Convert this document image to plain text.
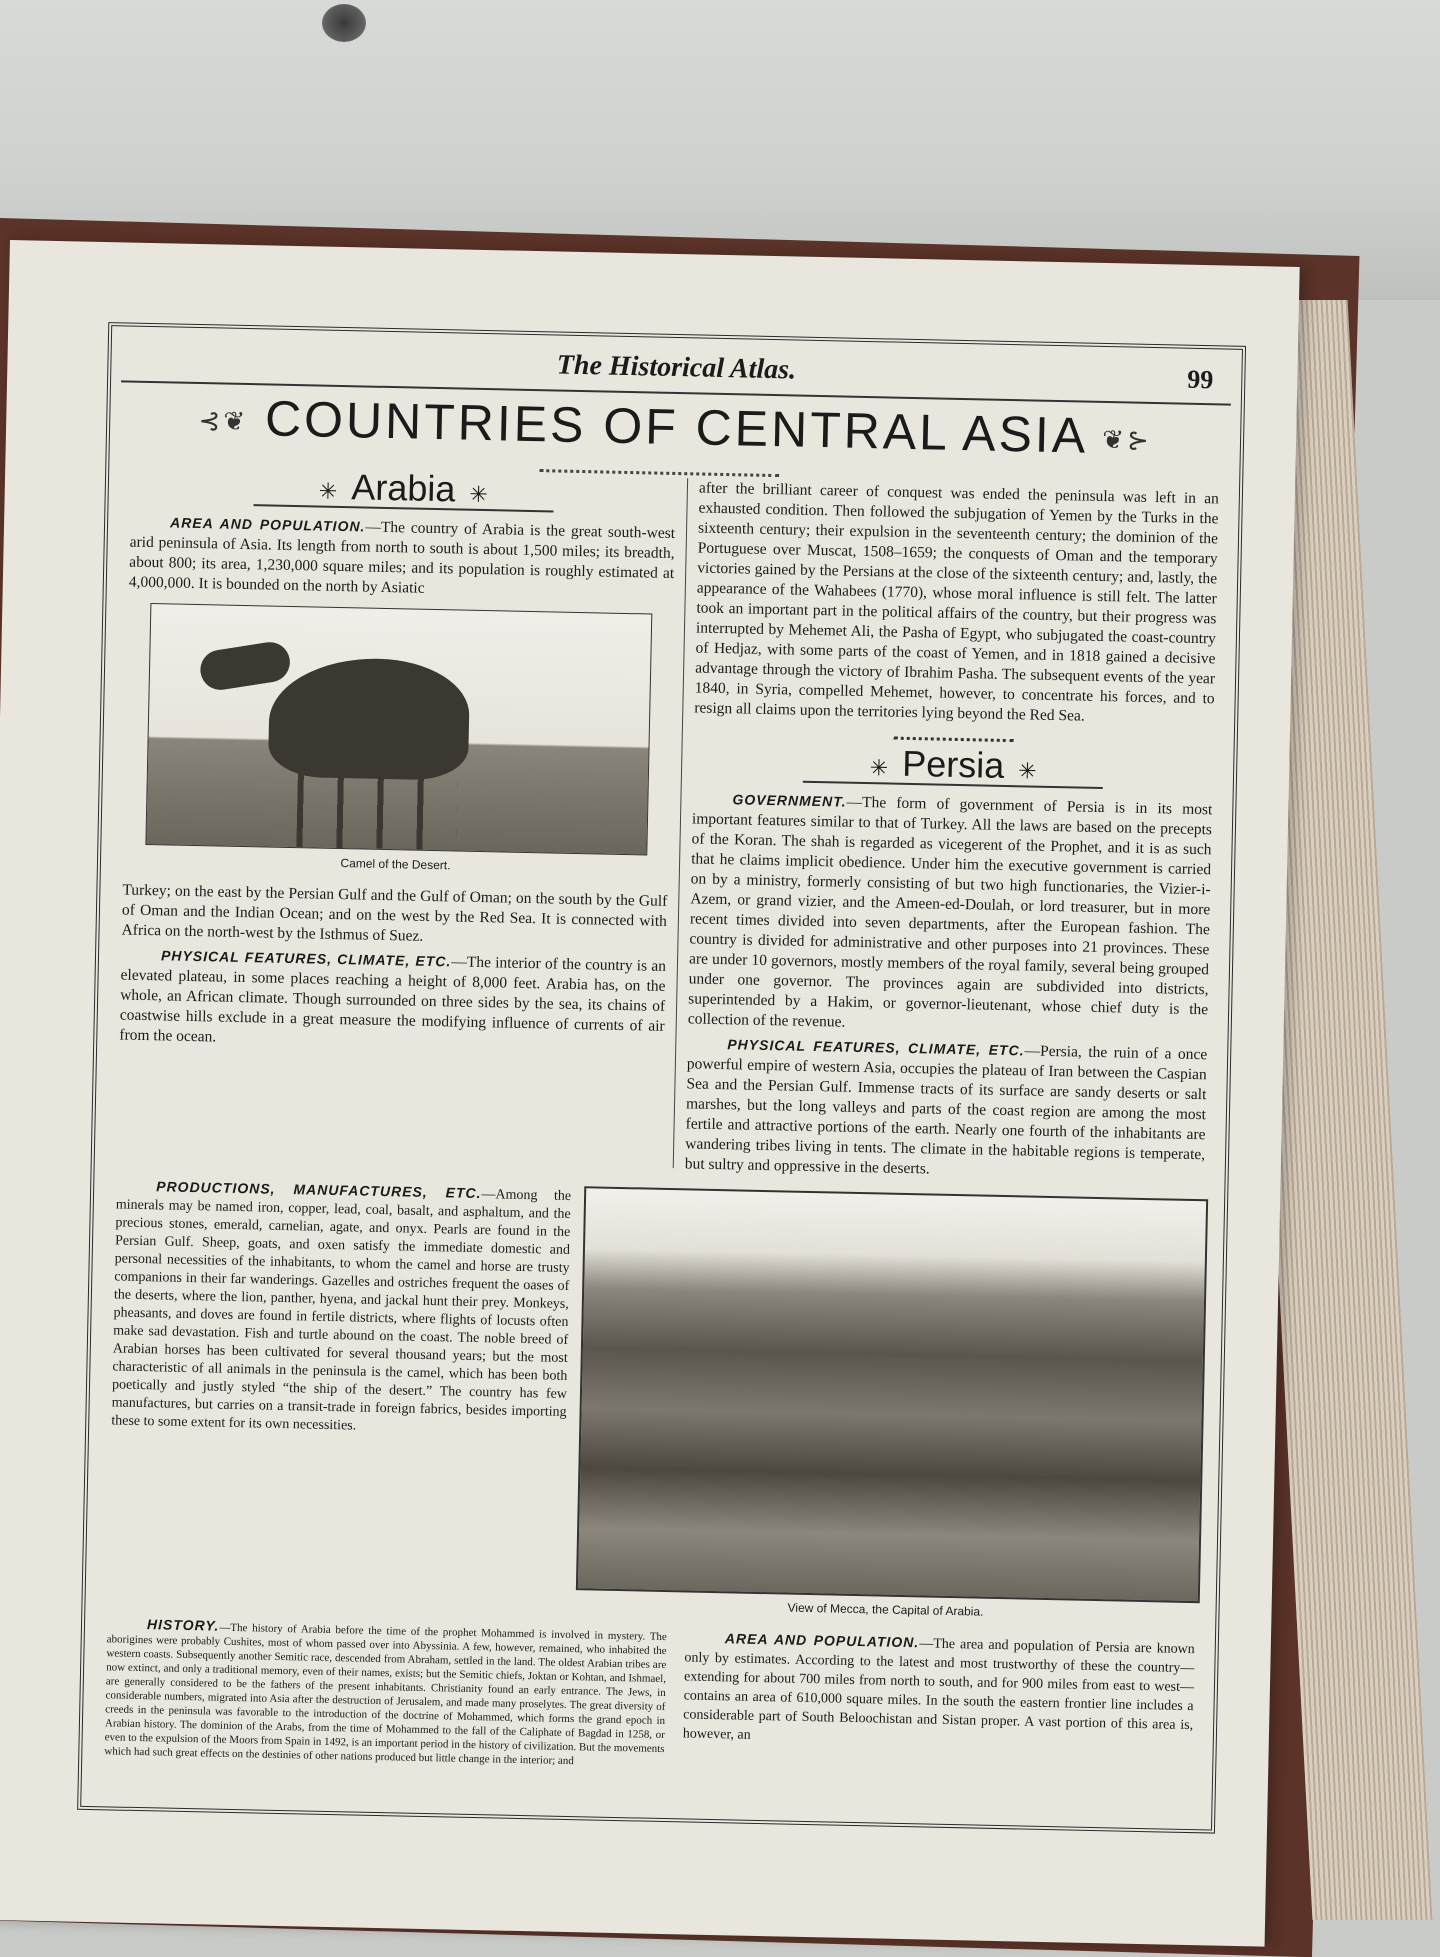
The Historical Atlas.	99
⊰❦ COUNTRIES OF CENTRAL ASIA ❦⊱
✳ Arabia ✳

AREA AND POPULATION.—The country of Arabia is the great south-west arid peninsula of Asia. Its length from north to south is about 1,500 miles; its breadth, about 800; its area, 1,230,000 square miles; and its population is roughly estimated at 4,000,000. It is bounded on the north by Asiatic

Camel of the Desert.

Turkey; on the east by the Persian Gulf and the Gulf of Oman; on the south by the Gulf of Oman and the Indian Ocean; and on the west by the Red Sea. It is connected with Africa on the north-west by the Isthmus of Suez.

PHYSICAL FEATURES, CLIMATE, ETC.—The interior of the country is an elevated plateau, in some places reaching a height of 8,000 feet. Arabia has, on the whole, an African climate. Though surrounded on three sides by the sea, its chains of coastwise hills exclude in a great measure the modifying influence of currents of air from the ocean.

after the brilliant career of conquest was ended the peninsula was left in an exhausted condition. Then followed the subjugation of Yemen by the Turks in the sixteenth century; their expulsion in the seventeenth century; the dominion of the Portuguese over Muscat, 1508–1659; the conquests of Oman and the temporary victories gained by the Persians at the close of the sixteenth century; and, lastly, the appearance of the Wahabees (1770), whose moral influence is still felt. The latter took an important part in the political affairs of the country, but their progress was interrupted by Mehemet Ali, the Pasha of Egypt, who subjugated the coast-country of Hedjaz, with some parts of the coast of Yemen, and in 1818 gained a decisive advantage through the victory of Ibrahim Pasha. The subsequent events of the year 1840, in Syria, compelled Mehemet, however, to concentrate his forces, and to resign all claims upon the territories lying beyond the Red Sea.

✳ Persia ✳

GOVERNMENT.—The form of government of Persia is in its most important features similar to that of Turkey. All the laws are based on the precepts of the Koran. The shah is regarded as vicegerent of the Prophet, and it is as such that he claims implicit obedience. Under him the executive government is carried on by a ministry, formerly consisting of but two high functionaries, the Vizier-i-Azem, or grand vizier, and the Ameen-ed-Doulah, or lord treasurer, but in more recent times divided into seven departments, after the European fashion. The country is divided for administrative and other purposes into 21 provinces. These are under 10 governors, mostly members of the royal family, several being grouped under one governor. The provinces again are subdivided into districts, superintended by a Hakim, or governor-lieutenant, whose chief duty is the collection of the revenue.

PHYSICAL FEATURES, CLIMATE, ETC.—Persia, the ruin of a once powerful empire of western Asia, occupies the plateau of Iran between the Caspian Sea and the Persian Gulf. Immense tracts of its surface are sandy deserts or salt marshes, but the long valleys and parts of the coast region are among the most fertile and attractive portions of the earth. Nearly one fourth of the inhabitants are wandering tribes living in tents. The climate in the habitable regions is temperate, but sultry and oppressive in the deserts.

PRODUCTIONS, MANUFACTURES, ETC.—Among the minerals may be named iron, copper, lead, coal, basalt, and asphaltum, and the precious stones, emerald, carnelian, agate, and onyx. Pearls are found in the Persian Gulf. Sheep, goats, and oxen satisfy the immediate domestic and personal necessities of the inhabitants, to whom the camel and horse are trusty companions in their far wanderings. Gazelles and ostriches frequent the oases of the deserts, where the lion, panther, hyena, and jackal hunt their prey. Monkeys, pheasants, and doves are found in fertile districts, where flights of locusts often make sad devastation. Fish and turtle abound on the coast. The noble breed of Arabian horses has been cultivated for several thousand years; but the most characteristic of all animals in the peninsula is the camel, which has been both poetically and justly styled “the ship of the desert.” The country has few manufactures, but carries on a transit-trade in foreign fabrics, besides importing these to some extent for its own necessities.

View of Mecca, the Capital of Arabia.

HISTORY.—The history of Arabia before the time of the prophet Mohammed is involved in mystery. The aborigines were probably Cushites, most of whom passed over into Abyssinia. A few, however, remained, who inhabited the western coasts. Subsequently another Semitic race, descended from Abraham, settled in the land. The oldest Arabian tribes are now extinct, and only a traditional memory, even of their names, exists; but the Semitic chiefs, Joktan or Kohtan, and Ishmael, are generally considered to be the fathers of the present inhabitants. Christianity found an early entrance. The Jews, in considerable numbers, migrated into Asia after the destruction of Jerusalem, and made many proselytes. The great diversity of creeds in the peninsula was favorable to the introduction of the doctrine of Mohammed, which forms the grand epoch in Arabian history. The dominion of the Arabs, from the time of Mohammed to the fall of the Caliphate of Bagdad in 1258, or even to the expulsion of the Moors from Spain in 1492, is an important period in the history of civilization. But the movements which had such great effects on the destinies of other nations produced but little change in the interior; and

AREA AND POPULATION.—The area and population of Persia are known only by estimates. According to the latest and most trustworthy of these the country—extending for about 700 miles from north to south, and for 900 miles from east to west—contains an area of 610,000 square miles. In the south the eastern frontier line includes a considerable part of South Beloochistan and Sistan proper. A vast portion of this area is, however, an
